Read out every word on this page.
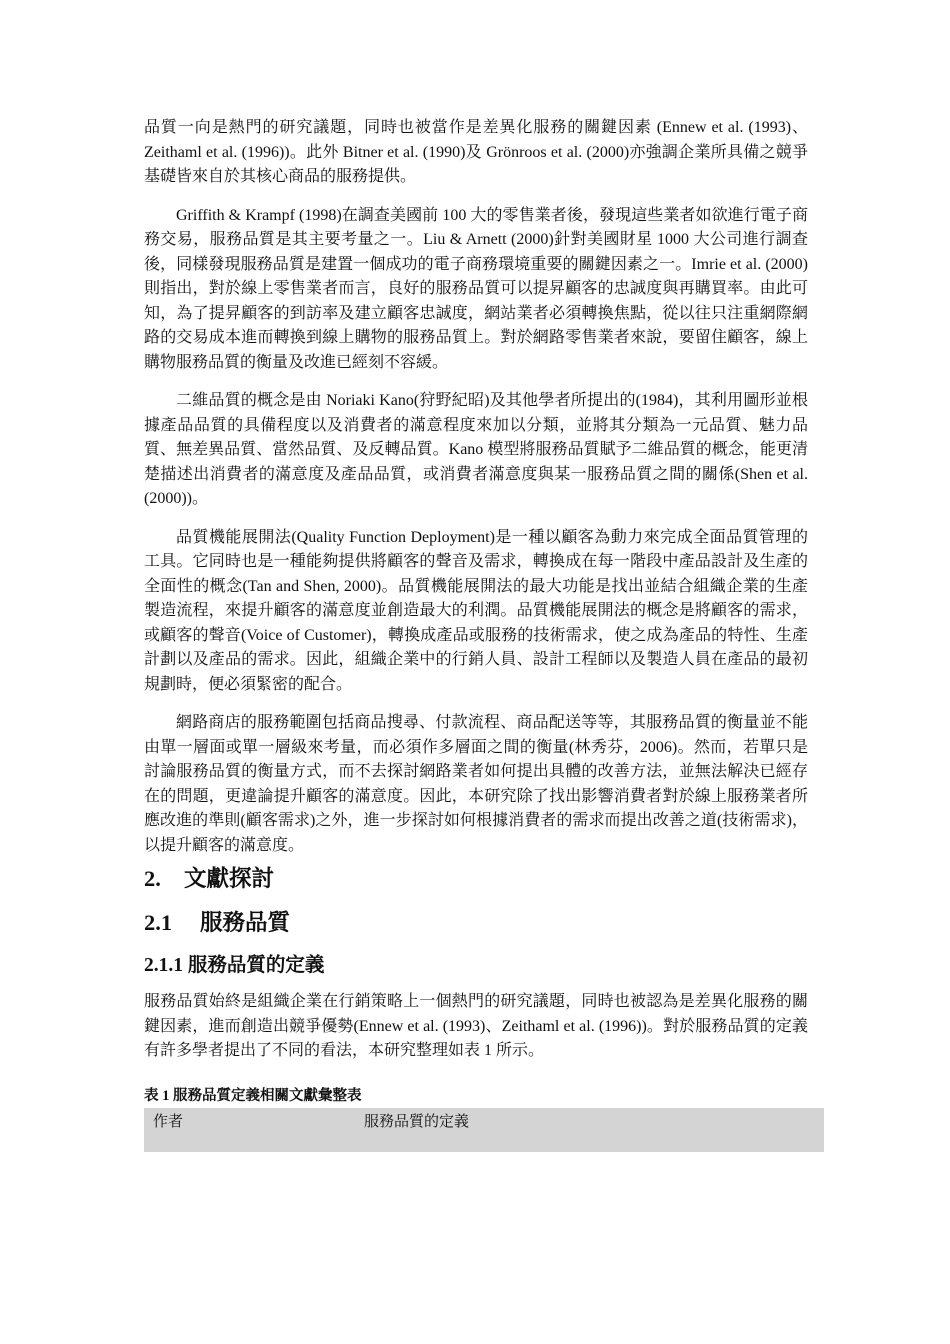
品質一向是熱門的研究議題，同時也被當作是差異化服務的關鍵因素 (Ennew et al. (1993)、Zeithaml et al. (1996))。此外 Bitner et al. (1990)及 Grönroos et al. (2000)亦強調企業所具備之競爭基礎皆來自於其核心商品的服務提供。

Griffith & Krampf (1998)在調查美國前 100 大的零售業者後，發現這些業者如欲進行電子商務交易，服務品質是其主要考量之一。Liu & Arnett (2000)針對美國財星 1000 大公司進行調查後，同樣發現服務品質是建置一個成功的電子商務環境重要的關鍵因素之一。Imrie et al. (2000)則指出，對於線上零售業者而言，良好的服務品質可以提昇顧客的忠誠度與再購買率。由此可知，為了提昇顧客的到訪率及建立顧客忠誠度，網站業者必須轉換焦點，從以往只注重網際網路的交易成本進而轉換到線上購物的服務品質上。對於網路零售業者來說，要留住顧客，線上購物服務品質的衡量及改進已經刻不容緩。

二維品質的概念是由 Noriaki Kano(狩野紀昭)及其他學者所提出的(1984)，其利用圖形並根據產品品質的具備程度以及消費者的滿意程度來加以分類，並將其分類為一元品質、魅力品質、無差異品質、當然品質、及反轉品質。Kano 模型將服務品質賦予二維品質的概念，能更清楚描述出消費者的滿意度及產品品質，或消費者滿意度與某一服務品質之間的關係(Shen et al. (2000))。

品質機能展開法(Quality Function Deployment)是一種以顧客為動力來完成全面品質管理的工具。它同時也是一種能夠提供將顧客的聲音及需求，轉換成在每一階段中產品設計及生產的全面性的概念(Tan and Shen, 2000)。品質機能展開法的最大功能是找出並結合組織企業的生產製造流程，來提升顧客的滿意度並創造最大的利潤。品質機能展開法的概念是將顧客的需求，或顧客的聲音(Voice of Customer)，轉換成產品或服務的技術需求，使之成為產品的特性、生產計劃以及產品的需求。因此，組織企業中的行銷人員、設計工程師以及製造人員在產品的最初規劃時，便必須緊密的配合。

網路商店的服務範圍包括商品搜尋、付款流程、商品配送等等，其服務品質的衡量並不能由單一層面或單一層級來考量，而必須作多層面之間的衡量(林秀芬，2006)。然而，若單只是討論服務品質的衡量方式，而不去探討網路業者如何提出具體的改善方法，並無法解決已經存在的問題，更違論提升顧客的滿意度。因此，本研究除了找出影響消費者對於線上服務業者所應改進的準則(顧客需求)之外，進一步探討如何根據消費者的需求而提出改善之道(技術需求)，以提升顧客的滿意度。

2. 文獻探討
2.1 服務品質
2.1.1 服務品質的定義

服務品質始終是組織企業在行銷策略上一個熱門的研究議題，同時也被認為是差異化服務的關鍵因素，進而創造出競爭優勢(Ennew et al. (1993)、Zeithaml et al. (1996))。對於服務品質的定義有許多學者提出了不同的看法，本研究整理如表 1 所示。

表 1 服務品質定義相關文獻彙整表
作者	服務品質的定義
